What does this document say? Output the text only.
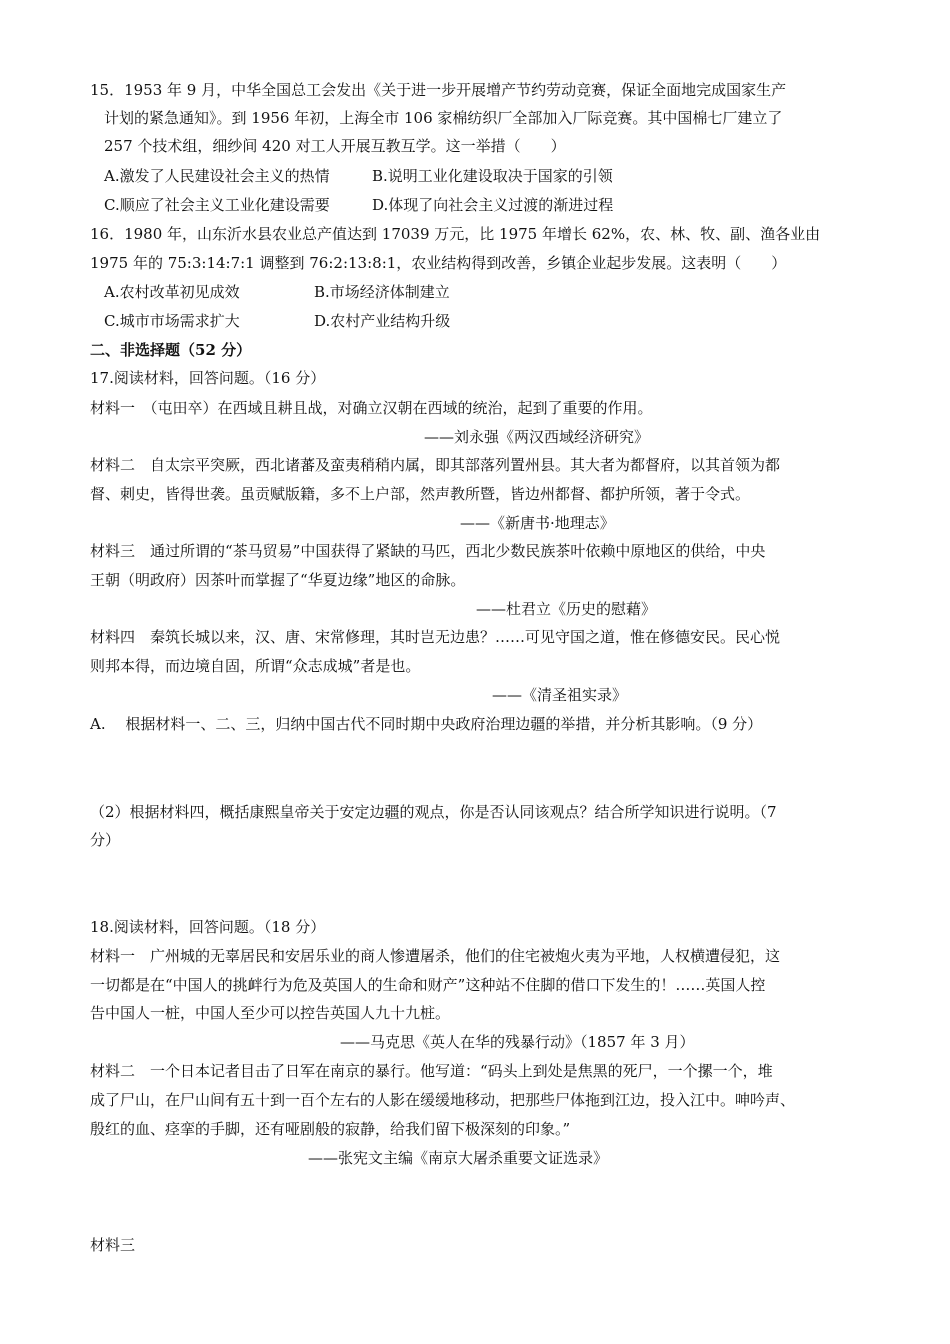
15．1953 年 9 月，中华全国总工会发出《关于进一步开展增产节约劳动竞赛，保证全面地完成国家生产
计划的紧急通知》。到 1956 年初，上海全市 106 家棉纺织厂全部加入厂际竞赛。其中国棉七厂建立了
257 个技术组，细纱间 420 对工人开展互教互学。这一举措（　　）
A.激发了人民建设社会主义的热情	B.说明工业化建设取决于国家的引领
C.顺应了社会主义工业化建设需要	D.体现了向社会主义过渡的渐进过程
16．1980 年，山东沂水县农业总产值达到 17039 万元，比 1975 年增长 62%，农、林、牧、副、渔各业由
1975 年的 75:3:14:7:1 调整到 76:2:13:8:1，农业结构得到改善，乡镇企业起步发展。这表明（　　）
A.农村改革初见成效	B.市场经济体制建立
C.城市市场需求扩大	D.农村产业结构升级
二、非选择题（52 分）
17.阅读材料，回答问题。（16 分）
材料一　（屯田卒）在西域且耕且战，对确立汉朝在西域的统治，起到了重要的作用。
——刘永强《两汉西域经济研究》
材料二　自太宗平突厥，西北诸蕃及蛮夷稍稍内属，即其部落列置州县。其大者为都督府，以其首领为都
督、刺史，皆得世袭。虽贡赋版籍，多不上户部，然声教所暨，皆边州都督、都护所领，著于令式。
——《新唐书·地理志》
材料三　通过所谓的“茶马贸易”中国获得了紧缺的马匹，西北少数民族茶叶依赖中原地区的供给，中央
王朝（明政府）因茶叶而掌握了“华夏边缘”地区的命脉。
——杜君立《历史的慰藉》
材料四　秦筑长城以来，汉、唐、宋常修理，其时岂无边患？……可见守国之道，惟在修德安民。民心悦
则邦本得，而边境自固，所谓“众志成城”者是也。
——《清圣祖实录》
A.　 根据材料一、二、三，归纳中国古代不同时期中央政府治理边疆的举措，并分析其影响。（9 分）
（2）根据材料四，概括康熙皇帝关于安定边疆的观点，你是否认同该观点？结合所学知识进行说明。（7
分）
18.阅读材料，回答问题。（18 分）
材料一　广州城的无辜居民和安居乐业的商人惨遭屠杀，他们的住宅被炮火夷为平地，人权横遭侵犯，这
一切都是在“中国人的挑衅行为危及英国人的生命和财产”这种站不住脚的借口下发生的！……英国人控
告中国人一桩，中国人至少可以控告英国人九十九桩。
——马克思《英人在华的残暴行动》（1857 年 3 月）
材料二　一个日本记者目击了日军在南京的暴行。他写道：“码头上到处是焦黑的死尸，一个摞一个，堆
成了尸山，在尸山间有五十到一百个左右的人影在缓缓地移动，把那些尸体拖到江边，投入江中。呻吟声、
殷红的血、痉挛的手脚，还有哑剧般的寂静，给我们留下极深刻的印象。”
——张宪文主编《南京大屠杀重要文证选录》
材料三
